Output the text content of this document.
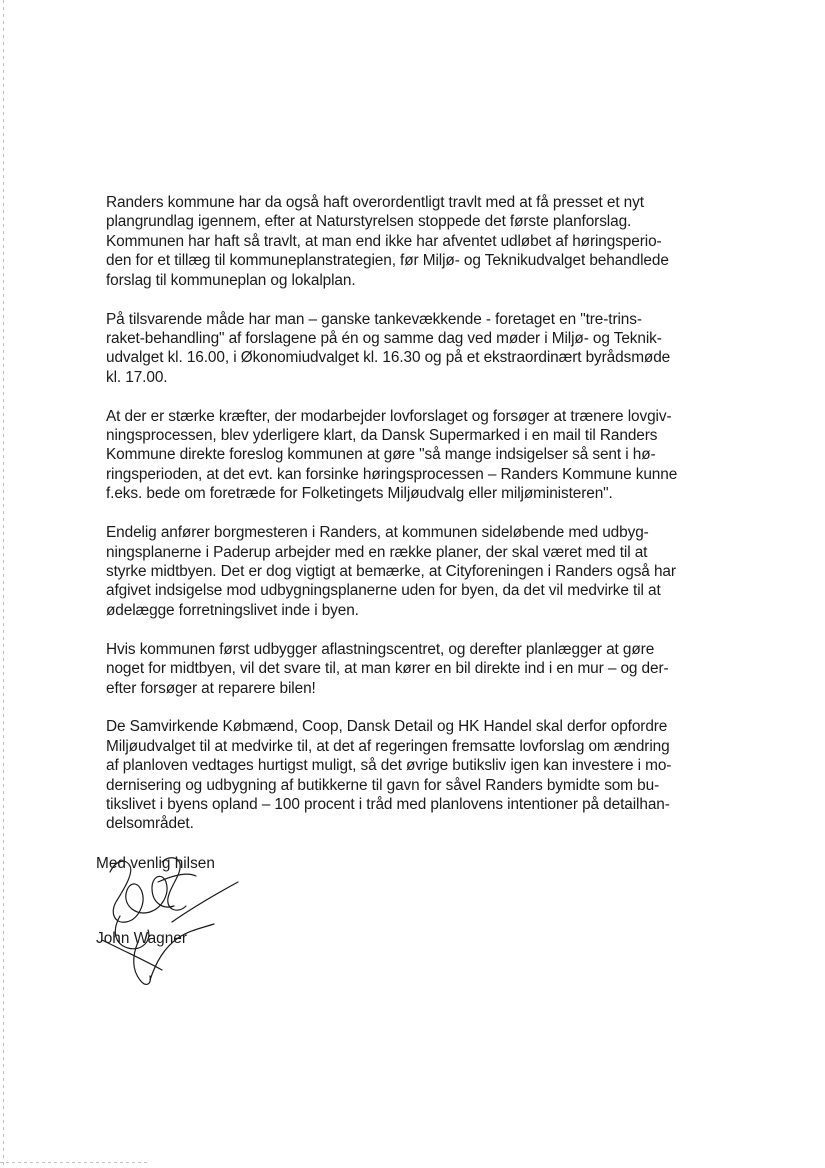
Randers kommune har da også haft overordentligt travlt med at få presset et nyt
plangrundlag igennem, efter at Naturstyrelsen stoppede det første planforslag.
Kommunen har haft så travlt, at man end ikke har afventet udløbet af høringsperio-
den for et tillæg til kommuneplanstrategien, før Miljø- og Teknikudvalget behandlede
forslag til kommuneplan og lokalplan.

På tilsvarende måde har man – ganske tankevækkende - foretaget en "tre-trins-
raket-behandling" af forslagene på én og samme dag ved møder i Miljø- og Teknik-
udvalget kl. 16.00, i Økonomiudvalget kl. 16.30 og på et ekstraordinært byrådsmøde
kl. 17.00.

At der er stærke kræfter, der modarbejder lovforslaget og forsøger at trænere lovgiv-
ningsprocessen, blev yderligere klart, da Dansk Supermarked i en mail til Randers
Kommune direkte foreslog kommunen at gøre "så mange indsigelser så sent i hø-
ringsperioden, at det evt. kan forsinke høringsprocessen – Randers Kommune kunne
f.eks. bede om foretræde for Folketingets Miljøudvalg eller miljøministeren".

Endelig anfører borgmesteren i Randers, at kommunen sideløbende med udbyg-
ningsplanerne i Paderup arbejder med en række planer, der skal været med til at
styrke midtbyen. Det er dog vigtigt at bemærke, at Cityforeningen i Randers også har
afgivet indsigelse mod udbygningsplanerne uden for byen, da det vil medvirke til at
ødelægge forretningslivet inde i byen.

Hvis kommunen først udbygger aflastningscentret, og derefter planlægger at gøre
noget for midtbyen, vil det svare til, at man kører en bil direkte ind i en mur – og der-
efter forsøger at reparere bilen!

De Samvirkende Købmænd, Coop, Dansk Detail og HK Handel skal derfor opfordre
Miljøudvalget til at medvirke til, at det af regeringen fremsatte lovforslag om ændring
af planloven vedtages hurtigst muligt, så det øvrige butiksliv igen kan investere i mo-
dernisering og udbygning af butikkerne til gavn for såvel Randers bymidte som bu-
tikslivet i byens opland – 100 procent i tråd med planlovens intentioner på detailhan-
delsområdet.

Med venlig hilsen
John Wagner
